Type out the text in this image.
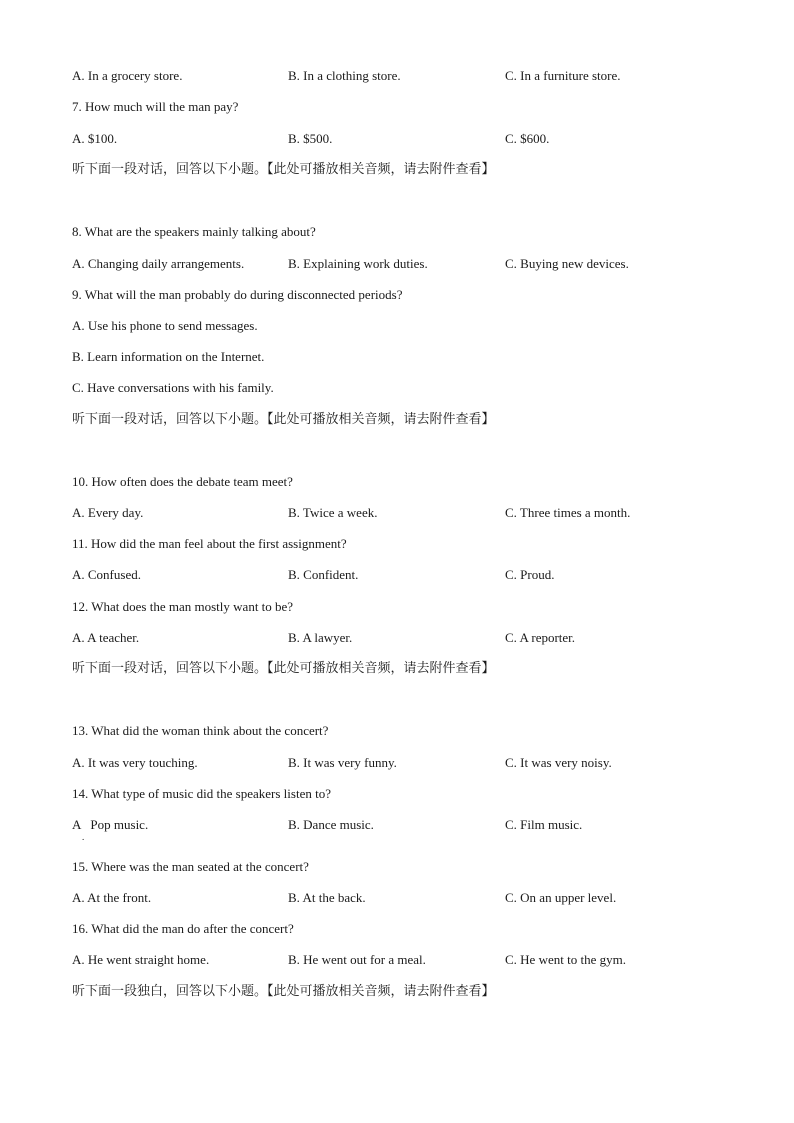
A. In a grocery store.	B. In a clothing store.	C. In a furniture store.
7. How much will the man pay?
A. $100.	B. $500.	C. $600.
听下面一段对话，回答以下小题。【此处可播放相关音频，请去附件查看】
8. What are the speakers mainly talking about?
A. Changing daily arrangements.	B. Explaining work duties.	C. Buying new devices.
9. What will the man probably do during disconnected periods?
A. Use his phone to send messages.
B. Learn information on the Internet.
C. Have conversations with his family.
听下面一段对话，回答以下小题。【此处可播放相关音频，请去附件查看】
10. How often does the debate team meet?
A. Every day.	B. Twice a week.	C. Three times a month.
11. How did the man feel about the first assignment?
A. Confused.	B. Confident.	C. Proud.
12. What does the man mostly want to be?
A. A teacher.	B. A lawyer.	C. A reporter.
听下面一段对话，回答以下小题。【此处可播放相关音频，请去附件查看】
13. What did the woman think about the concert?
A. It was very touching.	B. It was very funny.	C. It was very noisy.
14. What type of music did the speakers listen to?
A   Pop music.	B. Dance music.	C. Film music.
.
15. Where was the man seated at the concert?
A. At the front.	B. At the back.	C. On an upper level.
16. What did the man do after the concert?
A. He went straight home.	B. He went out for a meal.	C. He went to the gym.
听下面一段独白，回答以下小题。【此处可播放相关音频，请去附件查看】
